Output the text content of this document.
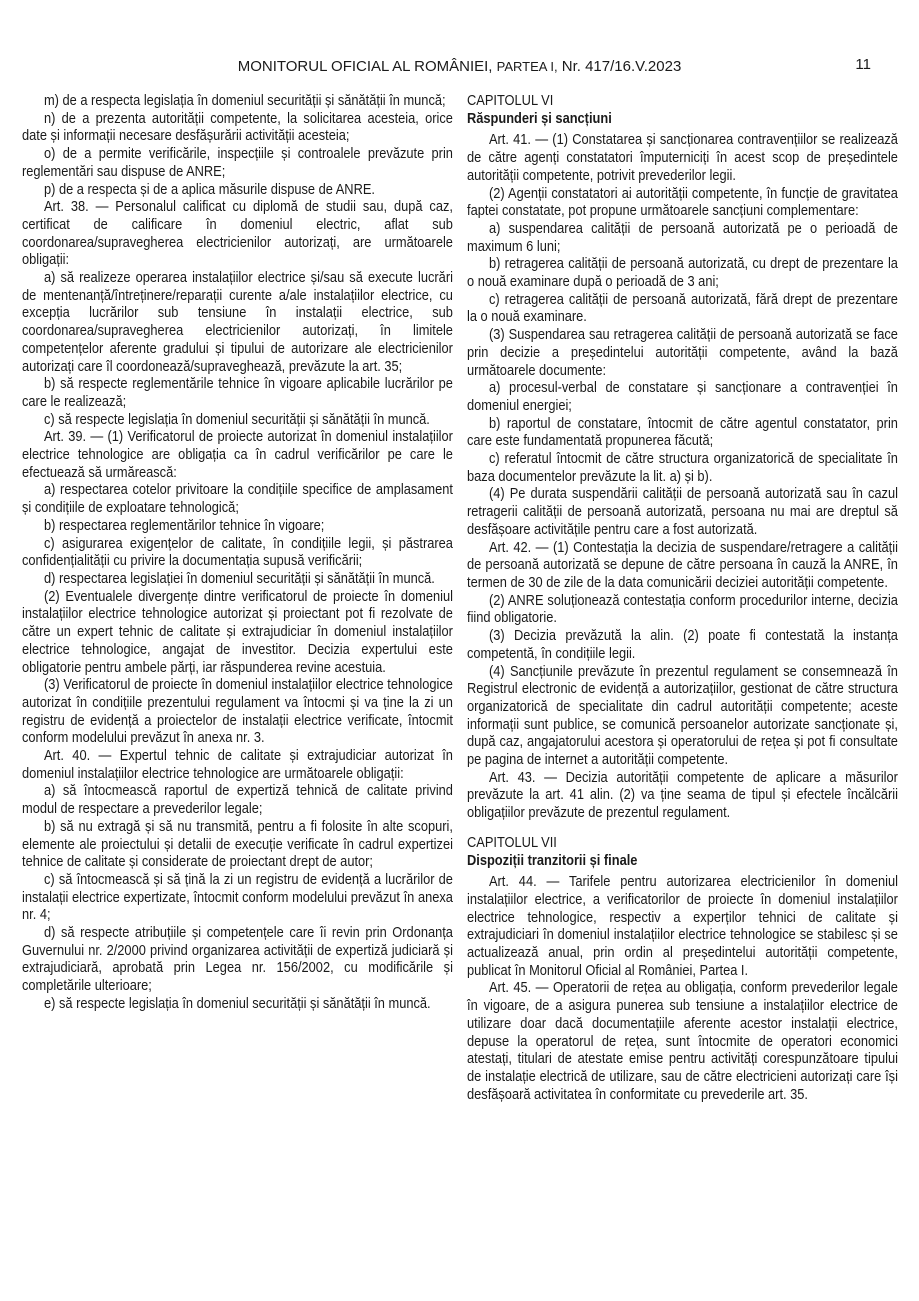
MONITORUL OFICIAL AL ROMÂNIEI, PARTEA I, Nr. 417/16.V.2023	11

m) de a respecta legislația în domeniul securității și sănătății în muncă;

n) de a prezenta autorității competente, la solicitarea acesteia, orice date și informații necesare desfășurării activității acesteia;

o) de a permite verificările, inspecțiile și controalele prevăzute prin reglementări sau dispuse de ANRE;

p) de a respecta și de a aplica măsurile dispuse de ANRE.

Art. 38. — Personalul calificat cu diplomă de studii sau, după caz, certificat de calificare în domeniul electric, aflat sub coordonarea/supravegherea electricienilor autorizați, are următoarele obligații:

a) să realizeze operarea instalațiilor electrice și/sau să execute lucrări de mentenanță/întreținere/reparații curente a/ale instalațiilor electrice, cu excepția lucrărilor sub tensiune în instalații electrice, sub coordonarea/supravegherea electricienilor autorizați, în limitele competențelor aferente gradului și tipului de autorizare ale electricienilor autorizați care îl coordonează/supraveghează, prevăzute la art. 35;

b) să respecte reglementările tehnice în vigoare aplicabile lucrărilor pe care le realizează;

c) să respecte legislația în domeniul securității și sănătății în muncă.

Art. 39. — (1) Verificatorul de proiecte autorizat în domeniul instalațiilor electrice tehnologice are obligația ca în cadrul verificărilor pe care le efectuează să urmărească:

a) respectarea cotelor privitoare la condițiile specifice de amplasament și condițiile de exploatare tehnologică;

b) respectarea reglementărilor tehnice în vigoare;

c) asigurarea exigențelor de calitate, în condițiile legii, și păstrarea confidențialității cu privire la documentația supusă verificării;

d) respectarea legislației în domeniul securității și sănătății în muncă.

(2) Eventualele divergențe dintre verificatorul de proiecte în domeniul instalațiilor electrice tehnologice autorizat și proiectant pot fi rezolvate de către un expert tehnic de calitate și extrajudiciar în domeniul instalațiilor electrice tehnologice, angajat de investitor. Decizia expertului este obligatorie pentru ambele părți, iar răspunderea revine acestuia.

(3) Verificatorul de proiecte în domeniul instalațiilor electrice tehnologice autorizat în condițiile prezentului regulament va întocmi și va ține la zi un registru de evidență a proiectelor de instalații electrice verificate, întocmit conform modelului prevăzut în anexa nr. 3.

Art. 40. — Expertul tehnic de calitate și extrajudiciar autorizat în domeniul instalațiilor electrice tehnologice are următoarele obligații:

a) să întocmească raportul de expertiză tehnică de calitate privind modul de respectare a prevederilor legale;

b) să nu extragă și să nu transmită, pentru a fi folosite în alte scopuri, elemente ale proiectului și detalii de execuție verificate în cadrul expertizei tehnice de calitate și considerate de proiectant drept de autor;

c) să întocmească și să țină la zi un registru de evidență a lucrărilor de instalații electrice expertizate, întocmit conform modelului prevăzut în anexa nr. 4;

d) să respecte atribuțiile și competențele care îi revin prin Ordonanța Guvernului nr. 2/2000 privind organizarea activității de expertiză judiciară și extrajudiciară, aprobată prin Legea nr. 156/2002, cu modificările și completările ulterioare;

e) să respecte legislația în domeniul securității și sănătății în muncă.

CAPITOLUL VI

Răspunderi și sancțiuni

Art. 41. — (1) Constatarea și sancționarea contravențiilor se realizează de către agenți constatatori împuterniciți în acest scop de președintele autorității competente, potrivit prevederilor legii.

(2) Agenții constatatori ai autorității competente, în funcție de gravitatea faptei constatate, pot propune următoarele sancțiuni complementare:

a) suspendarea calității de persoană autorizată pe o perioadă de maximum 6 luni;

b) retragerea calității de persoană autorizată, cu drept de prezentare la o nouă examinare după o perioadă de 3 ani;

c) retragerea calității de persoană autorizată, fără drept de prezentare la o nouă examinare.

(3) Suspendarea sau retragerea calității de persoană autorizată se face prin decizie a președintelui autorității competente, având la bază următoarele documente:

a) procesul-verbal de constatare și sancționare a contravenției în domeniul energiei;

b) raportul de constatare, întocmit de către agentul constatator, prin care este fundamentată propunerea făcută;

c) referatul întocmit de către structura organizatorică de specialitate în baza documentelor prevăzute la lit. a) și b).

(4) Pe durata suspendării calității de persoană autorizată sau în cazul retragerii calității de persoană autorizată, persoana nu mai are dreptul să desfășoare activitățile pentru care a fost autorizată.

Art. 42. — (1) Contestația la decizia de suspendare/retragere a calității de persoană autorizată se depune de către persoana în cauză la ANRE, în termen de 30 de zile de la data comunicării deciziei autorității competente.

(2) ANRE soluționează contestația conform procedurilor interne, decizia fiind obligatorie.

(3) Decizia prevăzută la alin. (2) poate fi contestată la instanța competentă, în condițiile legii.

(4) Sancțiunile prevăzute în prezentul regulament se consemnează în Registrul electronic de evidență a autorizațiilor, gestionat de către structura organizatorică de specialitate din cadrul autorității competente; aceste informații sunt publice, se comunică persoanelor autorizate sancționate și, după caz, angajatorului acestora și operatorului de rețea și pot fi consultate pe pagina de internet a autorității competente.

Art. 43. — Decizia autorității competente de aplicare a măsurilor prevăzute la art. 41 alin. (2) va ține seama de tipul și efectele încălcării obligațiilor prevăzute de prezentul regulament.

CAPITOLUL VII

Dispoziții tranzitorii și finale

Art. 44. — Tarifele pentru autorizarea electricienilor în domeniul instalațiilor electrice, a verificatorilor de proiecte în domeniul instalațiilor electrice tehnologice, respectiv a experților tehnici de calitate și extrajudiciari în domeniul instalațiilor electrice tehnologice se stabilesc și se actualizează anual, prin ordin al președintelui autorității competente, publicat în Monitorul Oficial al României, Partea I.

Art. 45. — Operatorii de rețea au obligația, conform prevederilor legale în vigoare, de a asigura punerea sub tensiune a instalațiilor electrice de utilizare doar dacă documentațiile aferente acestor instalații electrice, depuse la operatorul de rețea, sunt întocmite de operatori economici atestați, titulari de atestate emise pentru activități corespunzătoare tipului de instalație electrică de utilizare, sau de către electricieni autorizați care își desfășoară activitatea în conformitate cu prevederile art. 35.
